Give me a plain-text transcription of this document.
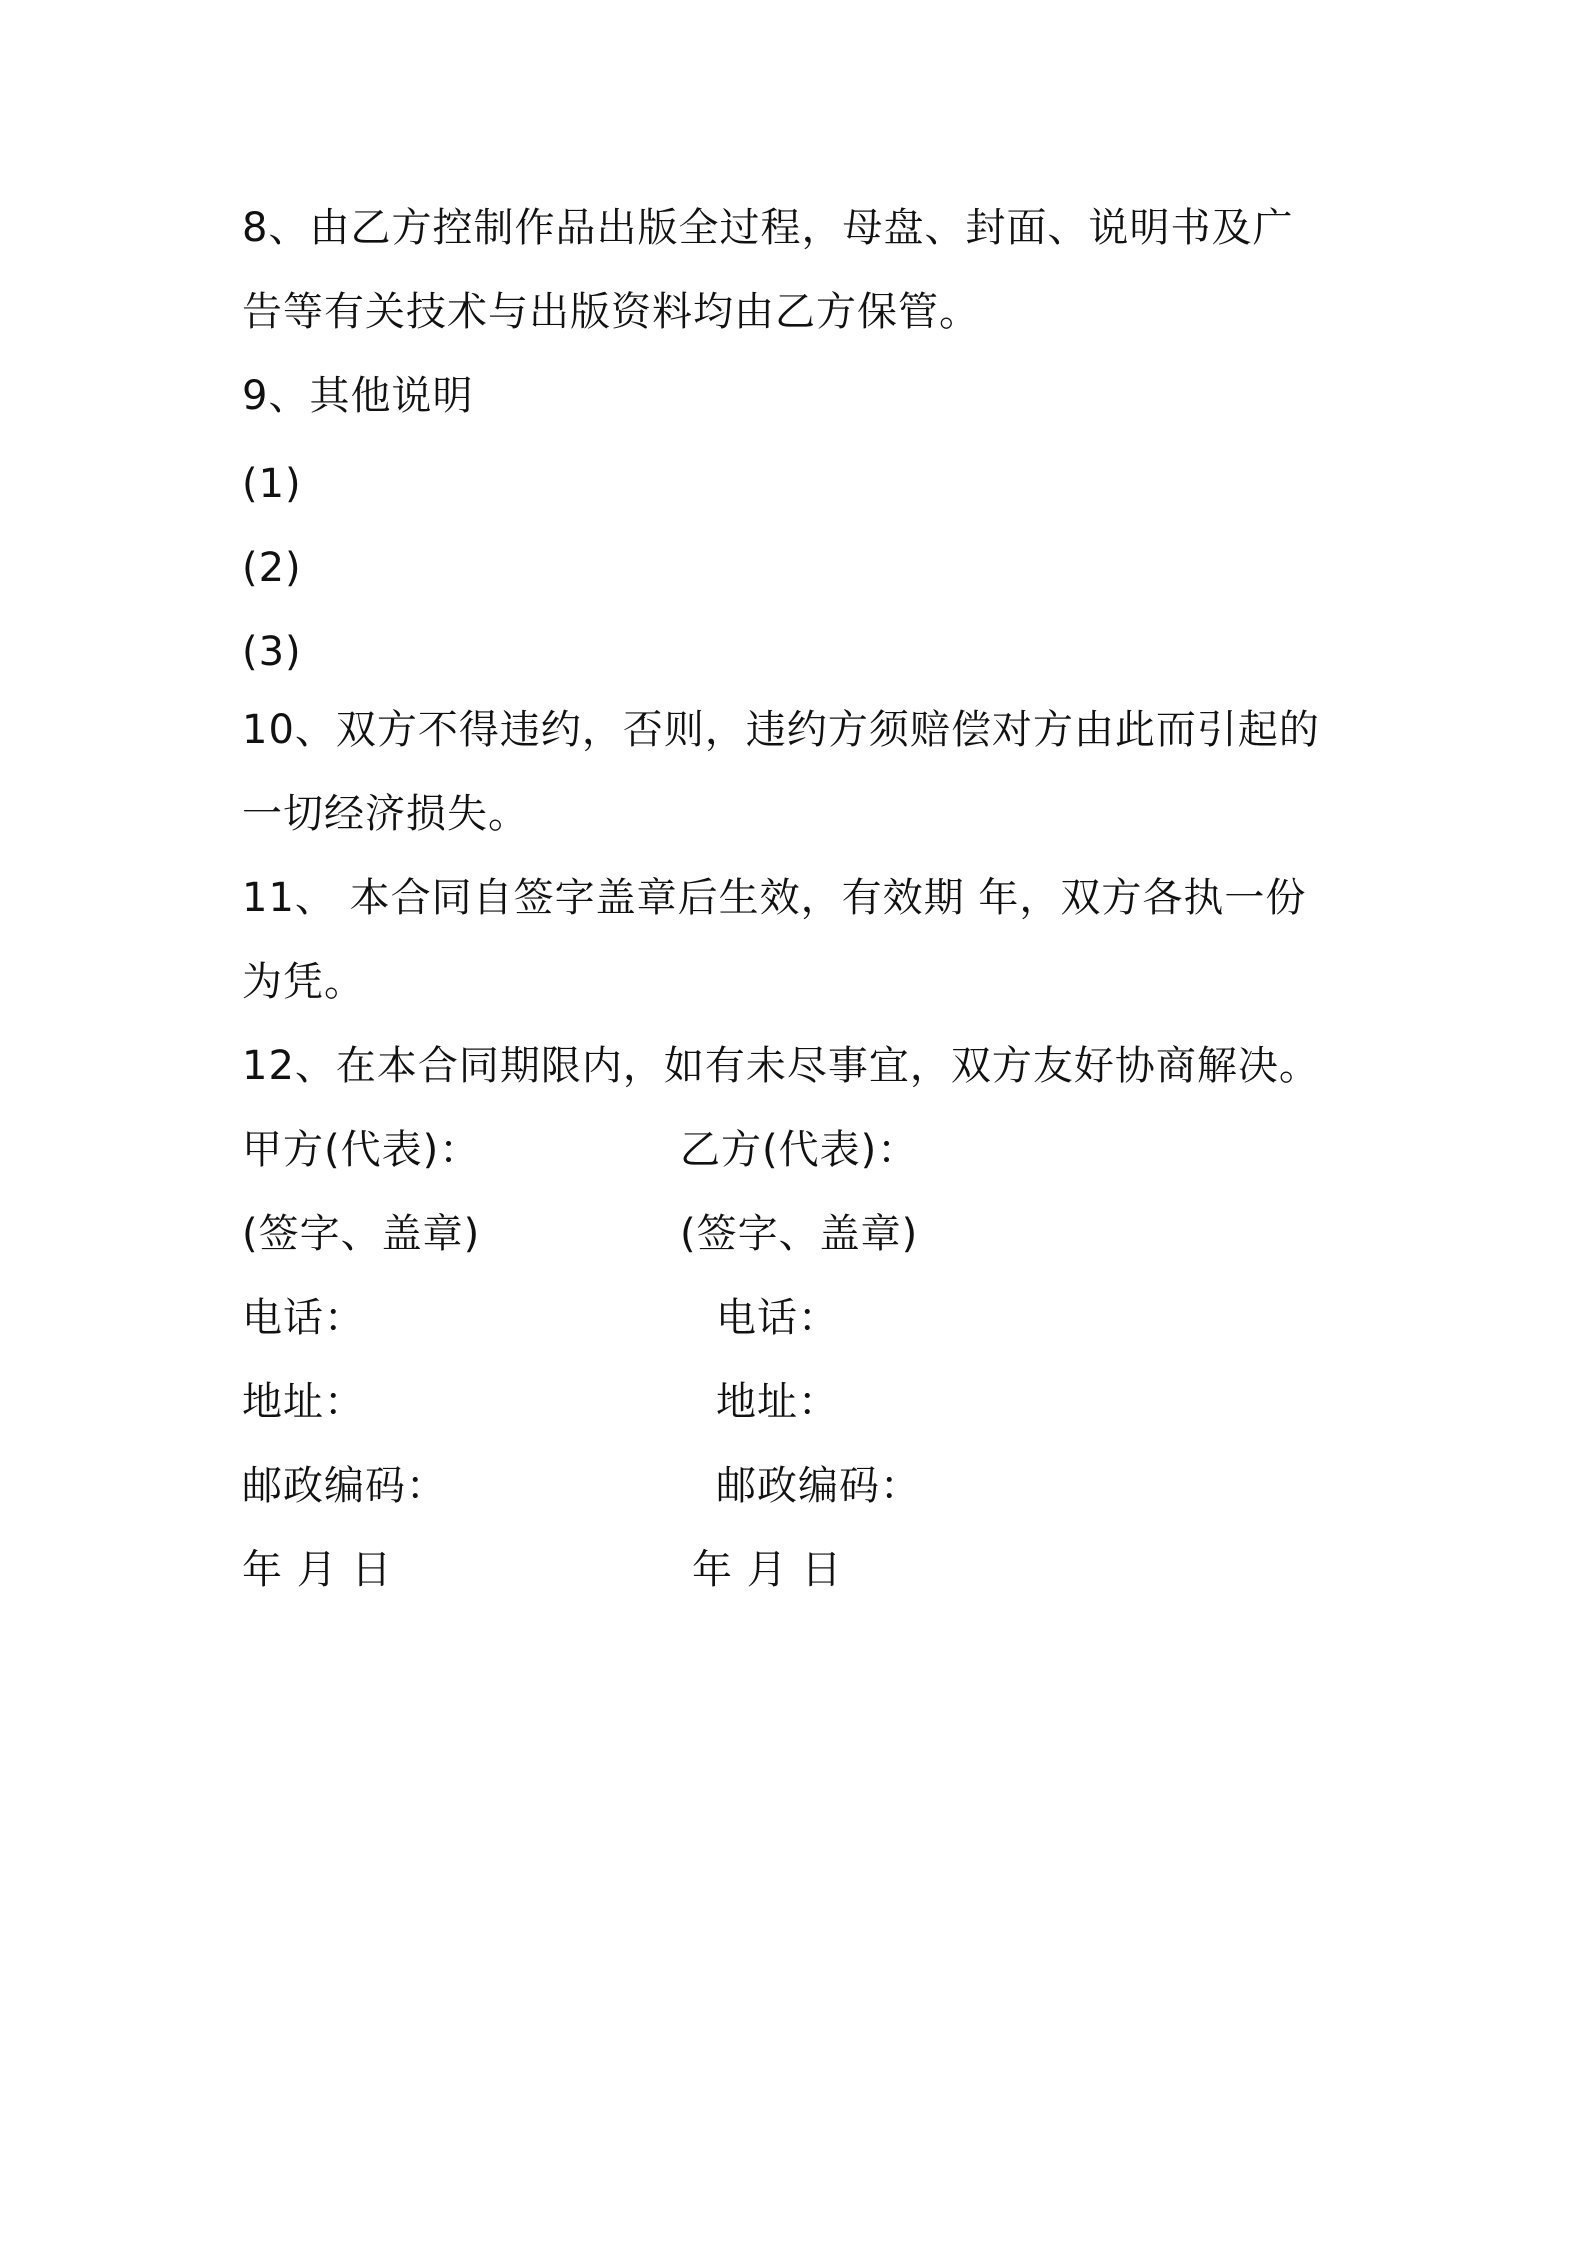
8、由乙方控制作品出版全过程，母盘、封面、说明书及广
告等有关技术与出版资料均由乙方保管。
9、其他说明
(1)
(2)
(3)
10、双方不得违约，否则，违约方须赔偿对方由此而引起的
一切经济损失。
11、 本合同自签字盖章后生效，有效期 年，双方各执一份
为凭。
12、在本合同期限内，如有未尽事宜，双方友好协商解决。
甲方(代表)：
(签字、盖章)
电话：
地址：
邮政编码：
年 月 日
乙方(代表)：
(签字、盖章)
电话：
地址：
邮政编码：
年 月 日
